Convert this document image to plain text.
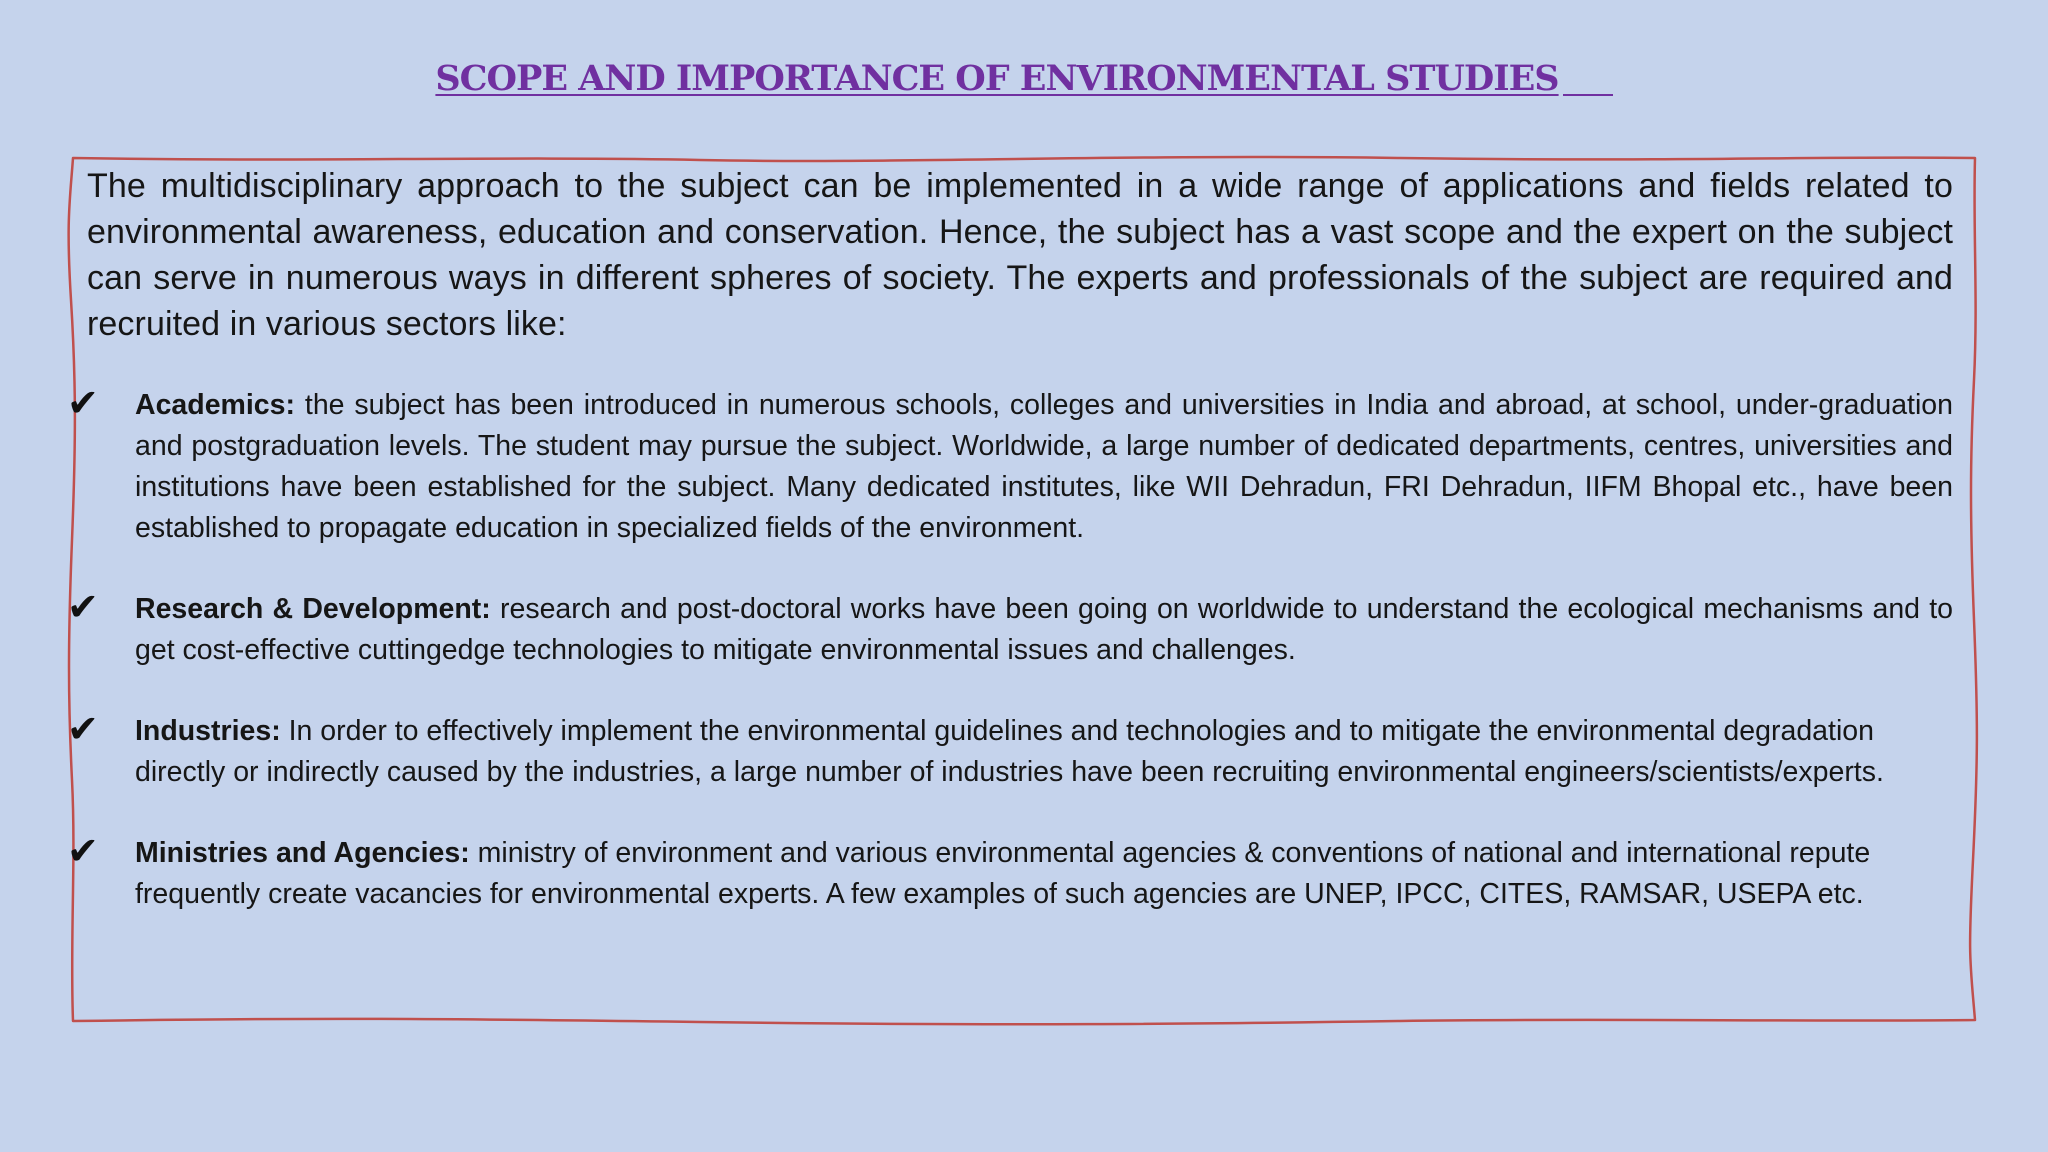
SCOPE AND IMPORTANCE OF ENVIRONMENTAL STUDIES

The multidisciplinary approach to the subject can be implemented in a wide range of applications and fields related to environmental awareness, education and conservation. Hence, the subject has a vast scope and the expert on the subject can serve in numerous ways in different spheres of society. The experts and professionals of the subject are required and recruited in various sectors like:

✔ Academics: the subject has been introduced in numerous schools, colleges and universities in India and abroad, at school, under-graduation and postgraduation levels. The student may pursue the subject. Worldwide, a large number of dedicated departments, centres, universities and institutions have been established for the subject. Many dedicated institutes, like WII Dehradun, FRI Dehradun, IIFM Bhopal etc., have been established to propagate education in specialized fields of the environment.
✔ Research & Development: research and post-doctoral works have been going on worldwide to understand the ecological mechanisms and to get cost-effective cuttingedge technologies to mitigate environmental issues and challenges.
✔ Industries: In order to effectively implement the environmental guidelines and technologies and to mitigate the environmental degradation directly or indirectly caused by the industries, a large number of industries have been recruiting environmental engineers/scientists/experts.
✔ Ministries and Agencies: ministry of environment and various environmental agencies & conventions of national and international repute frequently create vacancies for environmental experts. A few examples of such agencies are UNEP, IPCC, CITES, RAMSAR, USEPA etc.
